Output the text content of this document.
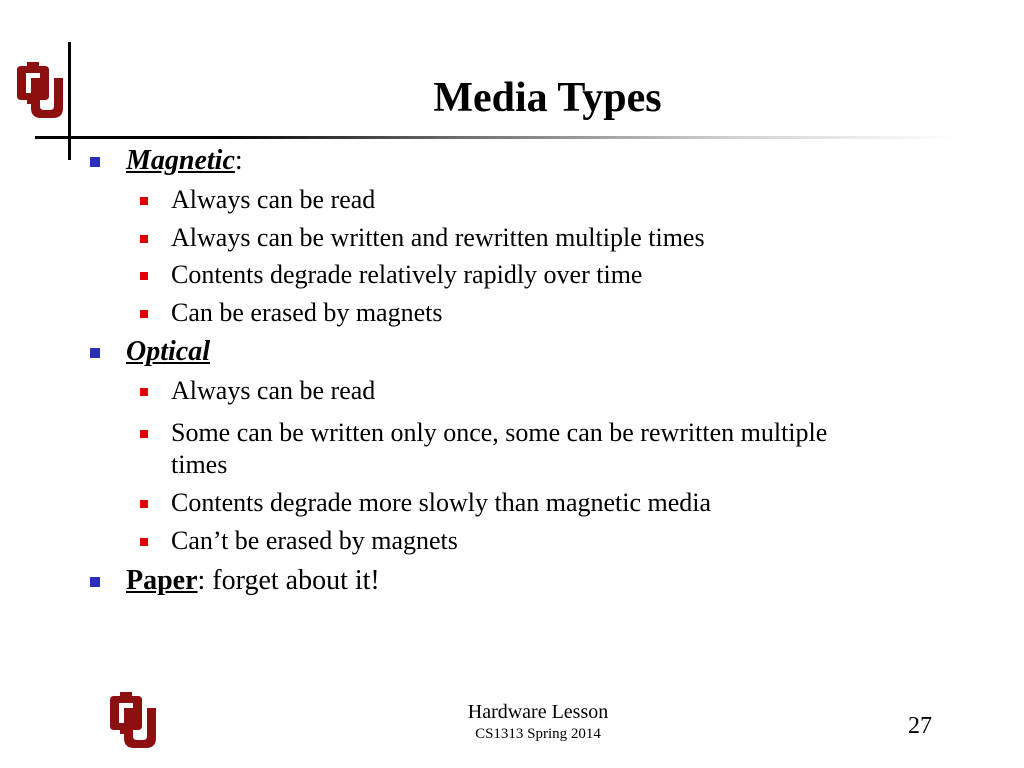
Media Types
Magnetic:
Always can be read
Always can be written and rewritten multiple times
Contents degrade relatively rapidly over time
Can be erased by magnets
Optical
Always can be read
Some can be written only once, some can be rewritten multiple times
Contents degrade more slowly than magnetic media
Can’t be erased by magnets
Paper: forget about it!
Hardware Lesson
CS1313 Spring 2014	27
